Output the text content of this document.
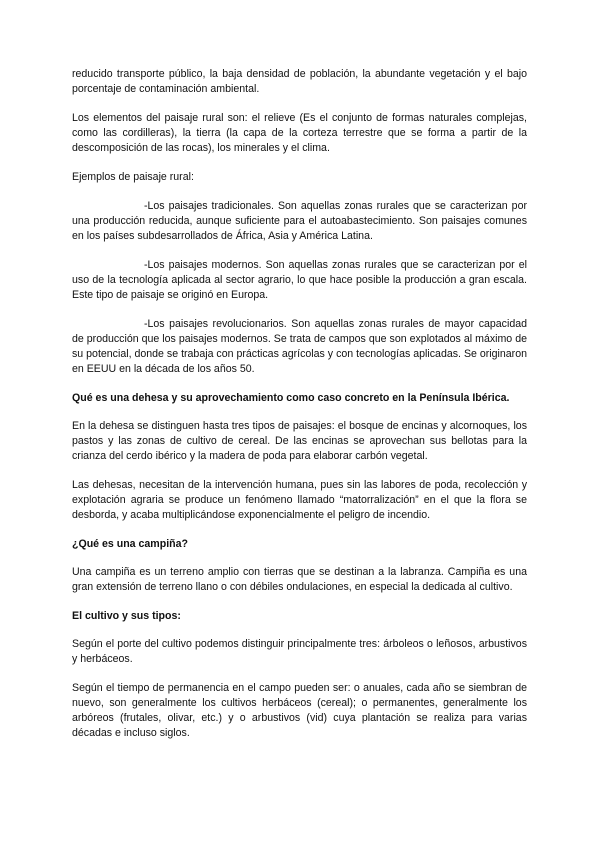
reducido transporte público, la baja densidad de población, la abundante vegetación y el bajo porcentaje de contaminación ambiental.

Los elementos del paisaje rural son: el relieve (Es el conjunto de formas naturales complejas, como las cordilleras), la tierra (la capa de la corteza terrestre que se forma a partir de la descomposición de las rocas), los minerales y el clima.

Ejemplos de paisaje rural:

-Los paisajes tradicionales. Son aquellas zonas rurales que se caracterizan por una producción reducida, aunque suficiente para el autoabastecimiento. Son paisajes comunes en los países subdesarrollados de África, Asia y América Latina.

-Los paisajes modernos. Son aquellas zonas rurales que se caracterizan por el uso de la tecnología aplicada al sector agrario, lo que hace posible la producción a gran escala. Este tipo de paisaje se originó en Europa.

-Los paisajes revolucionarios. Son aquellas zonas rurales de mayor capacidad de producción que los paisajes modernos. Se trata de campos que son explotados al máximo de su potencial, donde se trabaja con prácticas agrícolas y con tecnologías aplicadas. Se originaron en EEUU en la década de los años 50.

Qué es una dehesa y su aprovechamiento como caso concreto en la Península Ibérica.

En la dehesa se distinguen hasta tres tipos de paisajes: el bosque de encinas y alcornoques, los pastos y las zonas de cultivo de cereal. De las encinas se aprovechan sus bellotas para la crianza del cerdo ibérico y la madera de poda para elaborar carbón vegetal.

Las dehesas, necesitan de la intervención humana, pues sin las labores de poda, recolección y explotación agraria se produce un fenómeno llamado “matorralización” en el que la flora se desborda, y acaba multiplicándose exponencialmente el peligro de incendio.

¿Qué es una campiña?

Una campiña es un terreno amplio con tierras que se destinan a la labranza. Campiña es una gran extensión de terreno llano o con débiles ondulaciones, en especial la dedicada al cultivo.

El cultivo y sus tipos:

Según el porte del cultivo podemos distinguir principalmente tres: árboleos o leñosos, arbustivos y herbáceos.

Según el tiempo de permanencia en el campo pueden ser: o anuales, cada año se siembran de nuevo, son generalmente los cultivos herbáceos (cereal); o permanentes, generalmente los arbóreos (frutales, olivar, etc.) y o arbustivos (vid) cuya plantación se realiza para varias décadas e incluso siglos.
